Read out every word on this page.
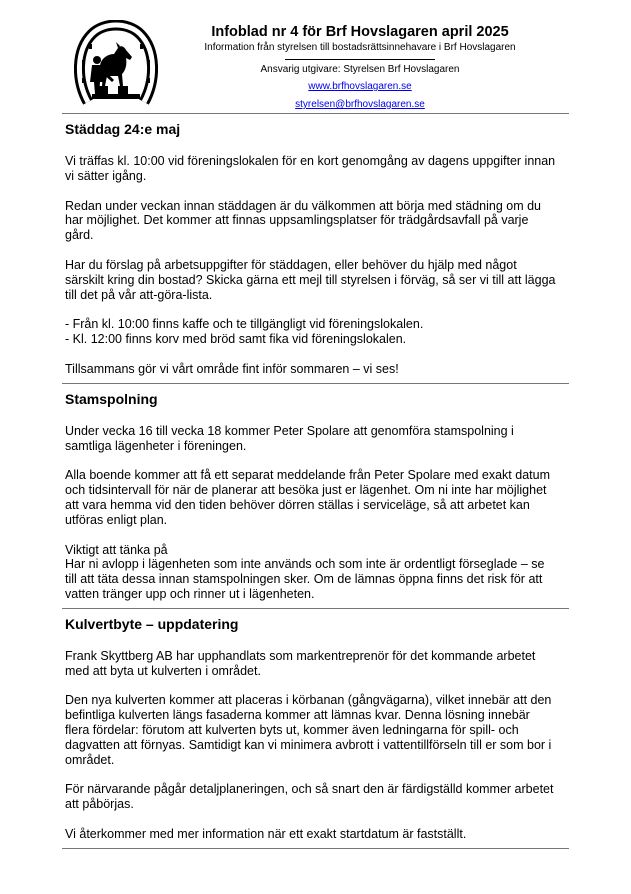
Infoblad nr 4 för Brf Hovslagaren april 2025
Information från styrelsen till bostadsrättsinnehavare i Brf Hovslagaren
Ansvarig utgivare: Styrelsen Brf Hovslagaren
www.brfhovslagaren.se
styrelsen@brfhovslagaren.se
Städdag 24:e maj
Vi träffas kl. 10:00 vid föreningslokalen för en kort genomgång av dagens uppgifter innan
vi sätter igång.
Redan under veckan innan städdagen är du välkommen att börja med städning om du
har möjlighet. Det kommer att finnas uppsamlingsplatser för trädgårdsavfall på varje
gård.
Har du förslag på arbetsuppgifter för städdagen, eller behöver du hjälp med något
särskilt kring din bostad? Skicka gärna ett mejl till styrelsen i förväg, så ser vi till att lägga
till det på vår att-göra-lista.
- Från kl. 10:00 finns kaffe och te tillgängligt vid föreningslokalen.
- Kl. 12:00 finns korv med bröd samt fika vid föreningslokalen.
Tillsammans gör vi vårt område fint inför sommaren – vi ses!
Stamspolning
Under vecka 16 till vecka 18 kommer Peter Spolare att genomföra stamspolning i
samtliga lägenheter i föreningen.
Alla boende kommer att få ett separat meddelande från Peter Spolare med exakt datum
och tidsintervall för när de planerar att besöka just er lägenhet. Om ni inte har möjlighet
att vara hemma vid den tiden behöver dörren ställas i serviceläge, så att arbetet kan
utföras enligt plan.
Viktigt att tänka på
Har ni avlopp i lägenheten som inte används och som inte är ordentligt förseglade – se
till att täta dessa innan stamspolningen sker. Om de lämnas öppna finns det risk för att
vatten tränger upp och rinner ut i lägenheten.
Kulvertbyte – uppdatering
Frank Skyttberg AB har upphandlats som markentreprenör för det kommande arbetet
med att byta ut kulverten i området.
Den nya kulverten kommer att placeras i körbanan (gångvägarna), vilket innebär att den
befintliga kulverten längs fasaderna kommer att lämnas kvar. Denna lösning innebär
flera fördelar: förutom att kulverten byts ut, kommer även ledningarna för spill- och
dagvatten att förnyas. Samtidigt kan vi minimera avbrott i vattentillförseln till er som bor i
området.
För närvarande pågår detaljplaneringen, och så snart den är färdigställd kommer arbetet
att påbörjas.
Vi återkommer med mer information när ett exakt startdatum är fastställt.
